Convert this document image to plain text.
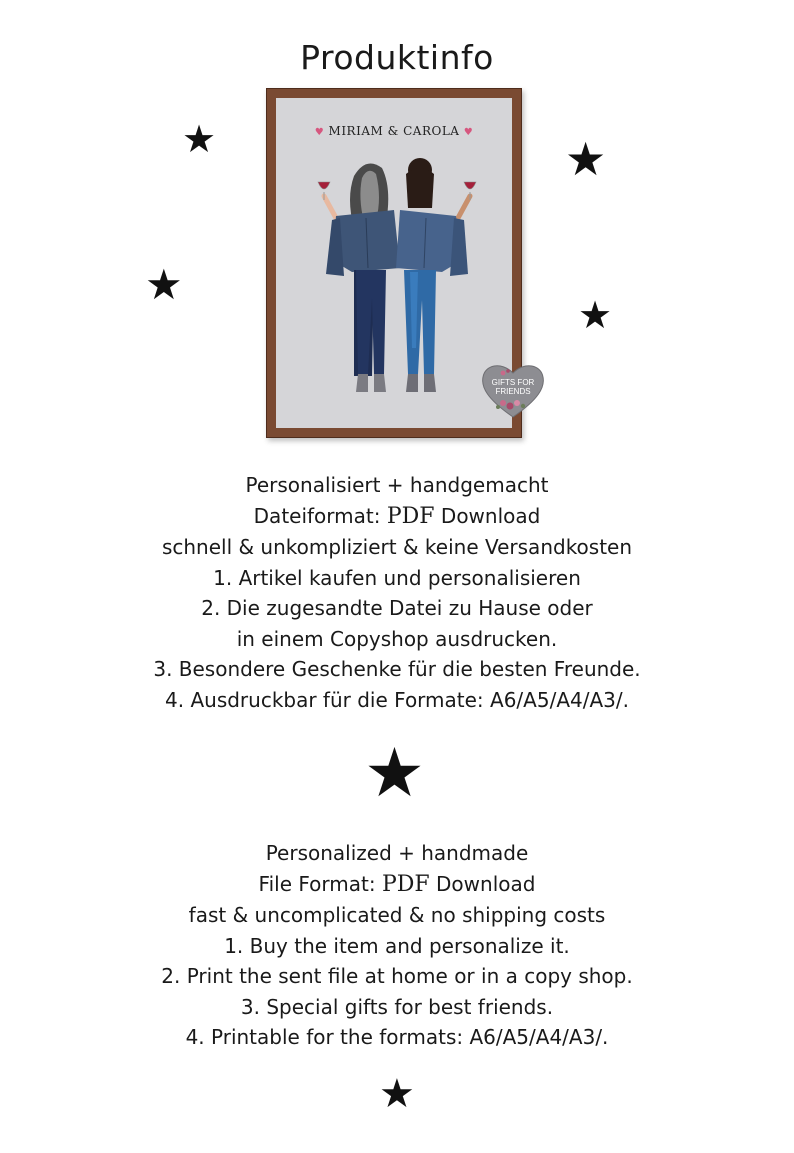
Produktinfo
★	★
★
★
♥ MIRIAM & CAROLA ♥
GIFTS FOR
FRIENDS
Personalisiert + handgemacht
Dateiformat: PDF Download
schnell & unkompliziert & keine Versandkosten
1. Artikel kaufen und personalisieren
2. Die zugesandte Datei zu Hause oder
in einem Copyshop ausdrucken.
3. Besondere Geschenke für die besten Freunde.
4. Ausdruckbar für die Formate: A6/A5/A4/A3/.
★
Personalized + handmade
File Format: PDF Download
fast & uncomplicated & no shipping costs
1. Buy the item and personalize it.
2. Print the sent file at home or in a copy shop.
3. Special gifts for best friends.
4. Printable for the formats: A6/A5/A4/A3/.
★
